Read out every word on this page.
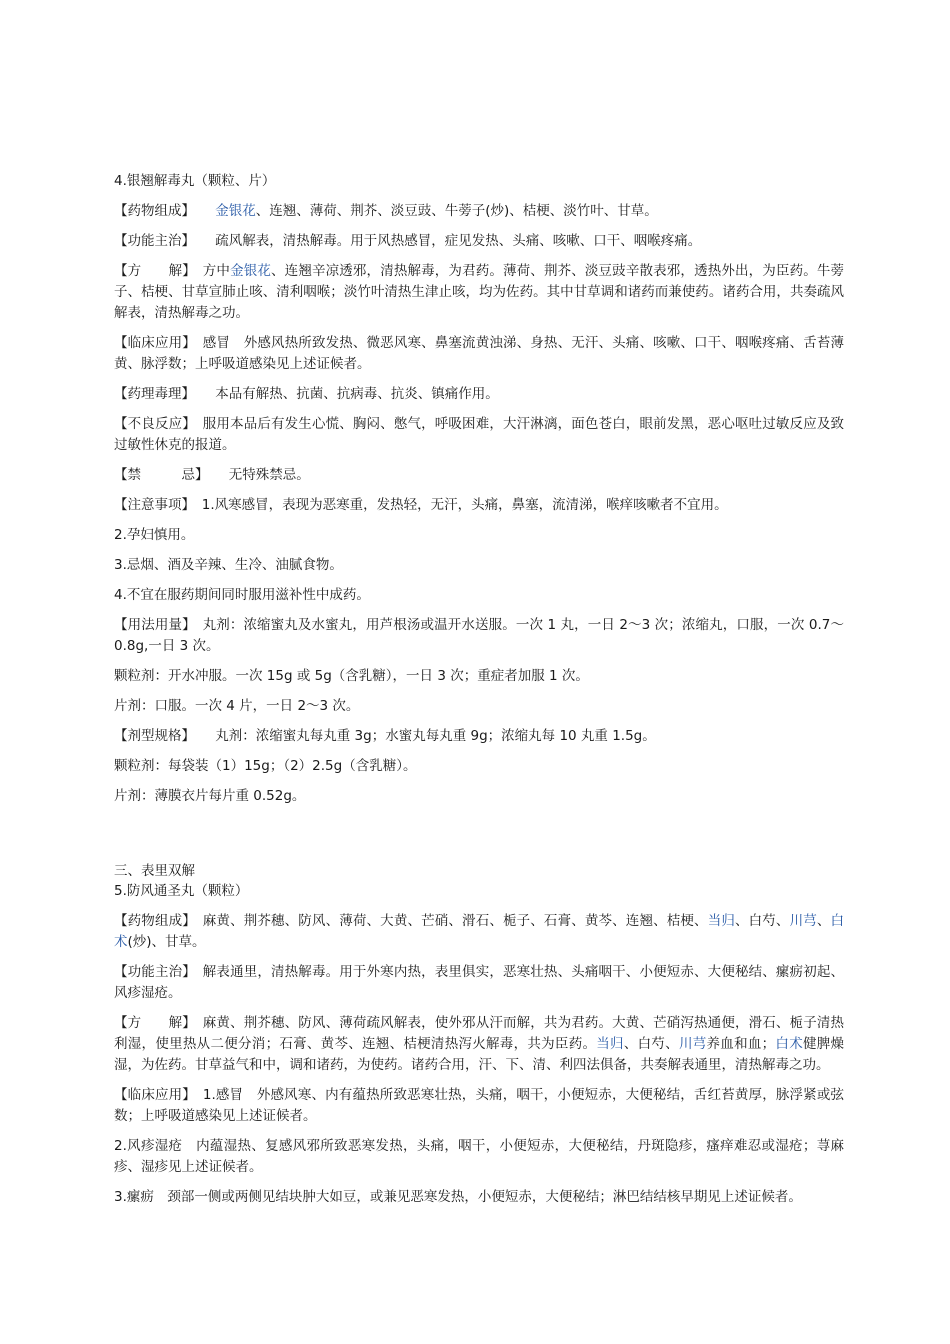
4.银翘解毒丸（颗粒、片）
【药物组成】　　金银花、连翘、薄荷、荆芥、淡豆豉、牛蒡子(炒)、桔梗、淡竹叶、甘草。
【功能主治】　　疏风解表，清热解毒。用于风热感冒，症见发热、头痛、咳嗽、口干、咽喉疼痛。
【方　　解】　方中金银花、连翘辛凉透邪，清热解毒，为君药。薄荷、荆芥、淡豆豉辛散表邪，透热外出，为臣药。牛蒡子、桔梗、甘草宣肺止咳、清利咽喉；淡竹叶清热生津止咳，均为佐药。其中甘草调和诸药而兼使药。诸药合用，共奏疏风解表，清热解毒之功。
【临床应用】　感冒　外感风热所致发热、微恶风寒、鼻塞流黄浊涕、身热、无汗、头痛、咳嗽、口干、咽喉疼痛、舌苔薄黄、脉浮数；上呼吸道感染见上述证候者。
【药理毒理】　　本品有解热、抗菌、抗病毒、抗炎、镇痛作用。
【不良反应】　服用本品后有发生心慌、胸闷、憋气，呼吸困难，大汗淋漓，面色苍白，眼前发黑，恶心呕吐过敏反应及致过敏性休克的报道。
【禁　　　忌】　　无特殊禁忌。
【注意事项】　1.风寒感冒，表现为恶寒重，发热轻，无汗，头痛，鼻塞，流清涕，喉痒咳嗽者不宜用。
2.孕妇慎用。
3.忌烟、酒及辛辣、生冷、油腻食物。
4.不宜在服药期间同时服用滋补性中成药。
【用法用量】　丸剂：浓缩蜜丸及水蜜丸，用芦根汤或温开水送服。一次 1 丸，一日 2～3 次；浓缩丸，口服，一次 0.7～0.8g,一日 3 次。
颗粒剂：开水冲服。一次 15g 或 5g（含乳糖），一日 3 次；重症者加服 1 次。
片剂：口服。一次 4 片，一日 2～3 次。
【剂型规格】　　丸剂：浓缩蜜丸每丸重 3g；水蜜丸每丸重 9g；浓缩丸每 10 丸重 1.5g。
颗粒剂：每袋装（1）15g；（2）2.5g（含乳糖）。
片剂：薄膜衣片每片重 0.52g。
三、表里双解
5.防风通圣丸（颗粒）
【药物组成】　麻黄、荆芥穗、防风、薄荷、大黄、芒硝、滑石、栀子、石膏、黄芩、连翘、桔梗、当归、白芍、川芎、白术(炒)、甘草。
【功能主治】　解表通里，清热解毒。用于外寒内热，表里俱实，恶寒壮热、头痛咽干、小便短赤、大便秘结、瘰疬初起、风疹湿疮。
【方　　解】　麻黄、荆芥穗、防风、薄荷疏风解表，使外邪从汗而解，共为君药。大黄、芒硝泻热通便，滑石、栀子清热利湿，使里热从二便分消；石膏、黄芩、连翘、桔梗清热泻火解毒，共为臣药。当归、白芍、川芎养血和血；白术健脾燥湿，为佐药。甘草益气和中，调和诸药，为使药。诸药合用，汗、下、清、利四法俱备，共奏解表通里，清热解毒之功。
【临床应用】　1.感冒　外感风寒、内有蕴热所致恶寒壮热，头痛，咽干，小便短赤，大便秘结，舌红苔黄厚，脉浮紧或弦数；上呼吸道感染见上述证候者。
2.风疹湿疮　内蕴湿热、复感风邪所致恶寒发热，头痛，咽干，小便短赤，大便秘结，丹斑隐疹，瘙痒难忍或湿疮；荨麻疹、湿疹见上述证候者。
3.瘰疬　颈部一侧或两侧见结块肿大如豆，或兼见恶寒发热，小便短赤，大便秘结；淋巴结结核早期见上述证候者。
